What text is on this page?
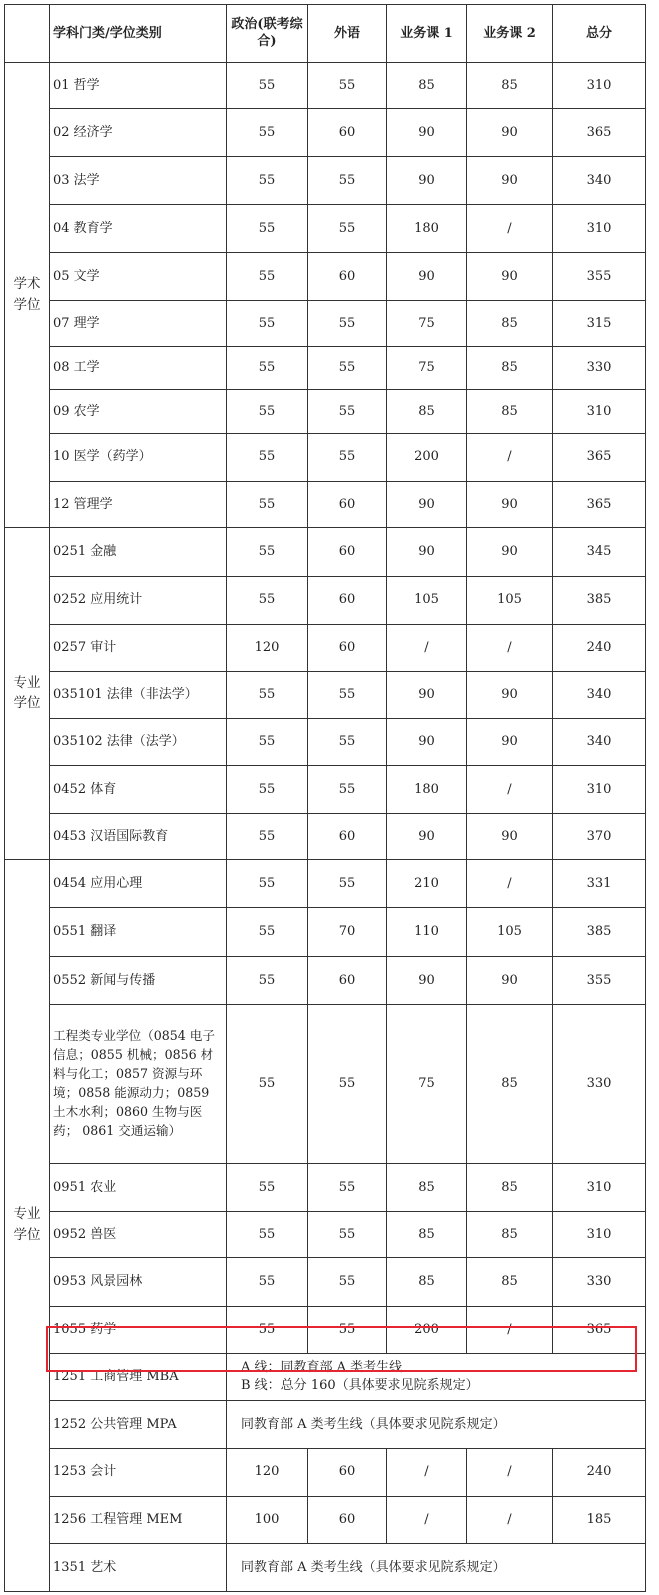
	学科门类/学位类别	政治(联考综合)	外语	业务课 1	业务课 2	总分
学术学位	01 哲学	55	55	85	85	310
	02 经济学	55	60	90	90	365
	03 法学	55	55	90	90	340
	04 教育学	55	55	180	/	310
	05 文学	55	60	90	90	355
	07 理学	55	55	75	85	315
	08 工学	55	55	75	85	330
	09 农学	55	55	85	85	310
	10 医学（药学）	55	55	200	/	365
	12 管理学	55	60	90	90	365
专业学位	0251 金融	55	60	90	90	345
	0252 应用统计	55	60	105	105	385
	0257 审计	120	60	/	/	240
	035101 法律（非法学）	55	55	90	90	340
	035102 法律（法学）	55	55	90	90	340
	0452 体育	55	55	180	/	310
	0453 汉语国际教育	55	60	90	90	370
专业学位	0454 应用心理	55	55	210	/	331
	0551 翻译	55	70	110	105	385
	0552 新闻与传播	55	60	90	90	355
	工程类专业学位（0854 电子信息；0855 机械；0856 材料与化工；0857 资源与环境；0858 能源动力；0859 土木水利；0860 生物与医药； 0861 交通运输）	55	55	75	85	330
	0951 农业	55	55	85	85	310
	0952 兽医	55	55	85	85	310
	0953 风景园林	55	55	85	85	330
	1055 药学	55	55	200	/	365
	1251 工商管理 MBA	A 线：同教育部 A 类考生线
B 线：总分 160（具体要求见院系规定）				

	1252 公共管理 MPA	同教育部 A 类考生线（具体要求见院系规定）				
	1253 会计	120	60	/	/	240
	1256 工程管理 MEM	100	60	/	/	185
	1351 艺术	同教育部 A 类考生线（具体要求见院系规定）				
